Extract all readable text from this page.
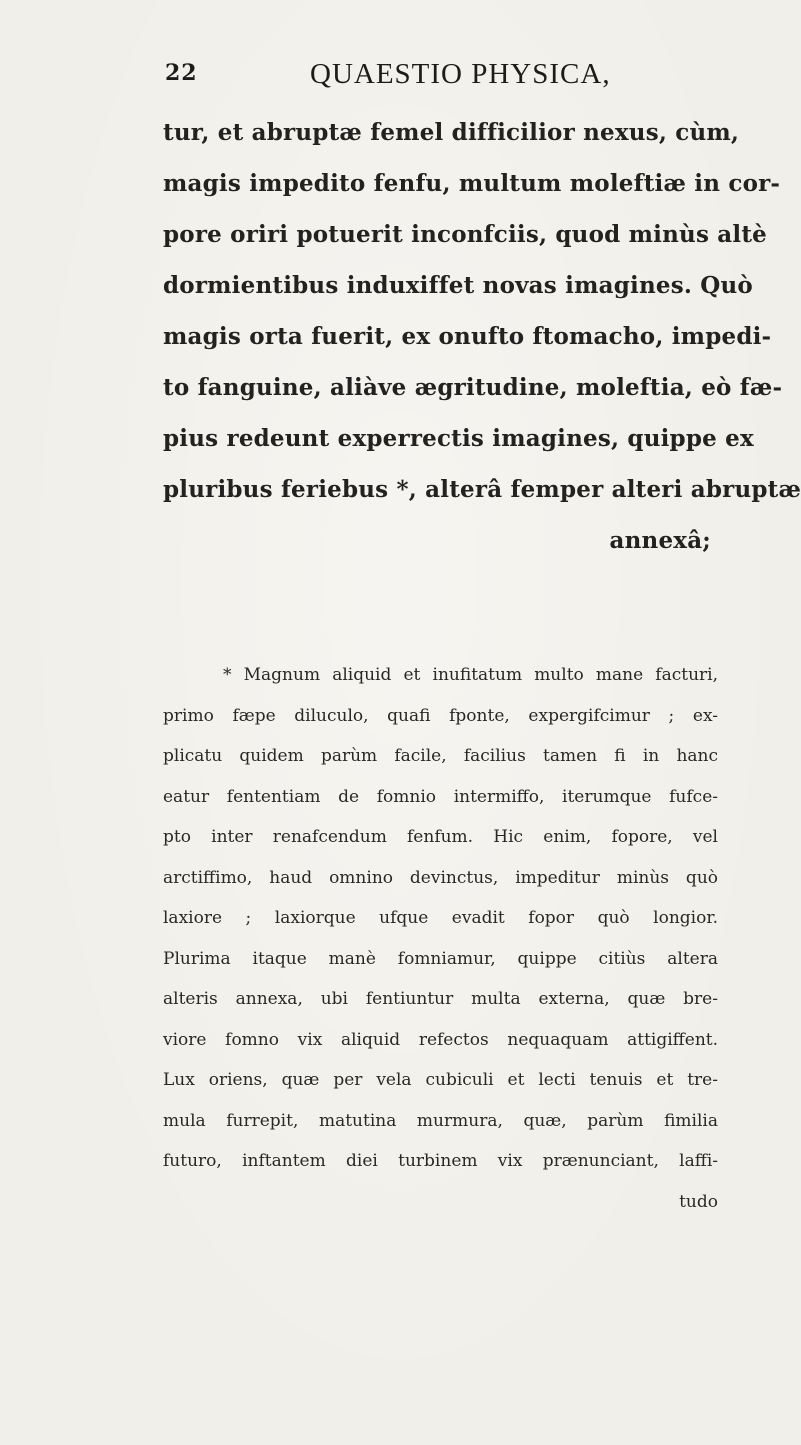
22	QUAESTIO PHYSICA,
tur, et abruptæ femel difficilior nexus, cùm,
magis impedito fenfu, multum moleftiæ in cor-
pore oriri potuerit inconfciis, quod minùs altè
dormientibus induxiffet novas imagines. Quò
magis orta fuerit, ex onufto ftomacho, impedi-
to fanguine, aliàve ægritudine, moleftia, eò fæ-
pius redeunt experrectis imagines, quippe ex
pluribus feriebus *, alterâ femper alteri abruptæ
annexâ;
* Magnum aliquid et inufitatum multo mane facturi,
primo fæpe diluculo, quafi fponte, expergifcimur ; ex-
plicatu quidem parùm facile, facilius tamen fi in hanc
eatur fententiam de fomnio intermiffo, iterumque fufce-
pto inter renafcendum fenfum. Hic enim, fopore, vel
arctiffimo, haud omnino devinctus, impeditur minùs quò
laxiore ; laxiorque ufque evadit fopor quò longior.
Plurima itaque manè fomniamur, quippe citiùs altera
alteris annexa, ubi fentiuntur multa externa, quæ bre-
viore fomno vix aliquid refectos nequaquam attigiffent.
Lux oriens, quæ per vela cubiculi et lecti tenuis et tre-
mula furrepit, matutina murmura, quæ, parùm fimilia
futuro, inftantem diei turbinem vix prænunciant, laffi-
tudo
